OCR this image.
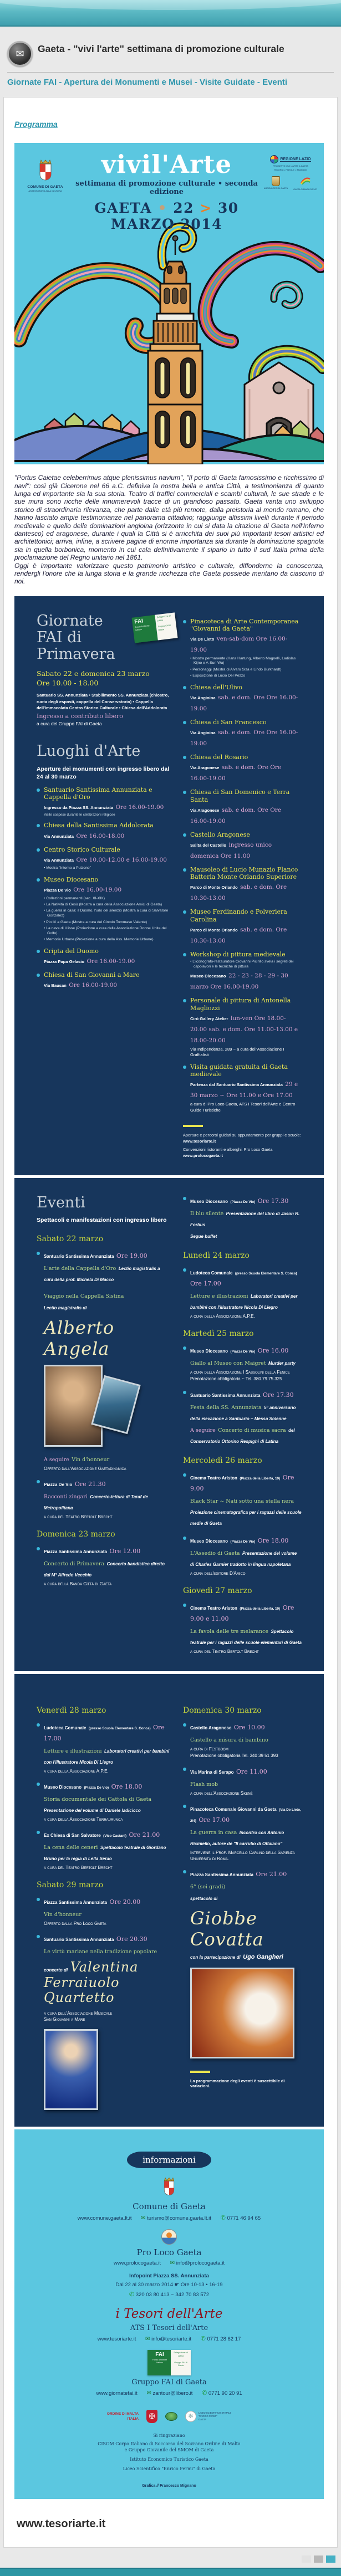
✉ Gaeta - "vivi l'arte" settimana di promozione culturale
Giornate FAI - Apertura dei Monumenti e Musei - Visite Guidate - Eventi
Programma
COMUNE DI GAETA
ASSESSORATO ALLA CULTURA
vivil'Arte
settimana di promozione culturale • seconda edizione
GAETA • 22 > 30 MARZO 2014
REGIONE LAZIO
PROGETTO VIVI L'ARTE A GAETA
RICORDI • PAROLE • IMMAGINI
ARCIDIOCESI DI GAETA	GAETA GRANDI EVENTI

"Portus Caietae celeberrimus atque plenissimus navium", "Il porto di Gaeta famosissimo e ricchissimo di navi": così già Cicerone nel 66 a.C. definiva la nostra bella e antica Città, a testimonianza di quanto lunga ed importante sia la sua storia. Teatro di traffici commerciali e scambi culturali, le sue strade e le sue mura sono ricche delle innumerevoli tracce di un grandioso passato. Gaeta vanta uno sviluppo storico di straordinaria rilevanza, che parte dalle età più remote, dalla preistoria al mondo romano, che hanno lasciato ampie testimonianze nel panorama cittadino; raggiunge altissimi livelli durante il periodo medievale e quello delle dominazioni angioina (orizzonte in cui si data la citazione di Gaeta nell'Inferno dantesco) ed aragonese, durante i quali la Città si è arricchita dei suoi più importanti tesori artistici ed architettonici; arriva, infine, a scrivere pagine di enorme importanza sia durante la dominazione spagnola sia in quella borbonica, momento in cui cala definitivamente il sipario in tutto il sud Italia prima della proclamazione del Regno unitario nel 1861.

Oggi è importante valorizzare questo patrimonio artistico e culturale, diffonderne la conoscenza, rendergli l'onore che la lunga storia e la grande ricchezza che Gaeta possiede meritano da ciascuno di noi.

Giornate FAI di Primavera
FAI
Fondo Ambiente Italiano
Delegazione di Latina
Gruppo FAI di Gaeta
Sabato 22 e domenica 23 marzo
Ore 10.00 - 18.00
Santuario SS. Annunziata • Stabilimento SS. Annunziata (chiostro, ruota degli esposti, cappella del Conservatorio) • Cappella dell'Immacolata Centro Storico Culturale • Chiesa dell'Addolorata
Ingresso a contributo libero
a cura del Gruppo FAI di Gaeta
Luoghi d'Arte
Aperture dei monumenti con ingresso libero dal 24 al 30 marzo
Santuario Santissima Annunziata e Cappella d'Oro
Ingresso da Piazza SS. Annunziata Ore 16.00-19.00
Visite sospese durante le celebrazioni religiose
Chiesa della Santissima Addolorata
Via Annunziata Ore 16.00-18.00
Centro Storico Culturale
Via Annunziata Ore 10.00-12.00 e 16.00-19.00
• Mostra "Intorno a Pulzone"
Museo Diocesano
Piazza De Vio Ore 16.00-19.00
• Collezioni permanenti (sec. XI-XIX)
• La Natività di Gesù (Mostra a cura della Associazione Amici di Gaeta)
• La guerra in casa: il Duomo, l'urlo del silenzio (Mostra a cura di Salvatore Gonzalez)
• Pio IX a Gaeta (Mostra a cura del Circolo Tommaso Valente)
• La nave di Ulisse (Proiezione a cura della Associazione Donne Unite del Golfo)
• Memorie Urbane (Proiezione a cura della Ass. Memorie Urbane)
Cripta del Duomo
Piazza Papa Gelasio Ore 16.00-19.00
Chiesa di San Giovanni a Mare
Via Bausan Ore 16.00-19.00
Pinacoteca di Arte Contemporanea "Giovanni da Gaeta"
Via De Lieto ven-sab-dom Ore 16.00-19.00
• Mostra permanente (Hans Hartung, Alberto Magnelli, Ladislas Kijno e A-Sun Wu)
• Personaggi (Mostra di Alvaro Siza e Lindo Burkhardt)
• Esposizione di Lucio Del Pezzo
Chiesa dell'Ulivo
Via Angioina sab. e dom. Ore Ore 16.00-19.00
Chiesa di San Francesco
Via Angioina sab. e dom. Ore Ore 16.00-19.00
Chiesa del Rosario
Via Aragonese sab. e dom. Ore Ore 16.00-19.00
Chiesa di San Domenico e Terra Santa
Via Aragonese sab. e dom. Ore Ore 16.00-19.00
Castello Aragonese
Salita del Castello ingresso unico domenica Ore 11.00
Mausoleo di Lucio Munazio Planco Batteria Monte Orlando Superiore
Parco di Monte Orlando sab. e dom. Ore 10.30-13.00
Museo Ferdinando e Polveriera Carolina
Parco di Monte Orlando sab. e dom. Ore 10.30-13.00
Workshop di pittura medievale
• L'iconografo-restauratore Giovanni Picirillo svela i segreti dei capolavori e le tecniche di pittura
Museo Diocesano 22 - 23 - 28 - 29 - 30 marzo Ore 16.00-19.00
Personale di pittura di Antonella Magliozzi
Cirò Gallery Atelier lun-ven Ore 18.00-20.00 sab. e dom. Ore 11.00-13.00 e 18.00-20.00
Via Indipendenza, 289 ~ a cura dell'Associazione I Graffialisti
Visita guidata gratuita di Gaeta medievale
Partenza dal Santuario Santissima Annunziata 29 e 30 marzo ~ Ore 11.00 e Ore 17.00
a cura di Pro Loco Gaeta, ATS I Tesori dell'Arte e Centro Guide Turistiche
Aperture e percorsi guidati su appuntamento per gruppi e scuole:
www.tesoriarte.it
Convenzioni ristoranti e alberghi: Pro Loco Gaeta
www.prolocogaeta.it
Eventi
Spettacoli e manifestazioni con ingresso libero
Sabato 22 marzo
Santuario Santissima Annunziata Ore 19.00
L'arte della Cappella d'Oro Lectio magistralis a cura della prof. Michela Di Macco
Viaggio nella Cappella Sistina
Lectio magistralis di
Alberto Angela
A seguire Vin d'honneur
Offerto dall'Associazione Gaetadinamica
Piazza De Vio Ore 21.30
Racconti zingari Concerto-lettura di Taraf de Metropolitana
a cura del Teatro Bertolt Brecht
Domenica 23 marzo
Piazza Santissima Annunziata Ore 12.00
Concerto di Primavera Concerto bandistico diretto dal M° Alfredo Vecchio
a cura della Banda Città di Gaeta
Museo Diocesano (Piazza De Vio) Ore 17.30
Il blu silente Presentazione del libro di Jason R. Forbus
Segue buffet
Lunedì 24 marzo
Ludoteca Comunale (presso Scuola Elementare S. Conca) Ore 17.00
Letture e illustrazioni Laboratori creativi per bambini con l'illustratore Nicola Di Liegro
a cura della Associazione A.P.E.
Martedì 25 marzo
Museo Diocesano (Piazza De Vio) Ore 16.00
Giallo al Museo con Maigret Murder party
a cura della Associazione I Sassolini della Fenice
Prenotazione obbligatoria ~ Tel. 380.79.75.325
Santuario Santissima Annunziata Ore 17.30
Festa della SS. Annunziata 5° anniversario della elevazione a Santuario ~ Messa Solenne
A seguire Concerto di musica sacra del Conservatorio Ottorino Respighi di Latina
Mercoledì 26 marzo
Cinema Teatro Ariston (Piazza della Libertà, 19) Ore 9.00
Black Star ~ Nati sotto una stella nera Proiezione cinematografica per i ragazzi delle scuole medie di Gaeta
Museo Diocesano (Piazza De Vio) Ore 18.00
L'Assedio di Gaeta Presentazione del volume di Charles Garnier tradotto in lingua napoletana
a cura dell'editore D'Amico
Giovedì 27 marzo
Cinema Teatro Ariston (Piazza della Libertà, 19) Ore 9.00 e 11.00
La favola delle tre melarance Spettacolo teatrale per i ragazzi delle scuole elementari di Gaeta
a cura del Teatro Bertolt Brecht
Venerdì 28 marzo
Ludoteca Comunale (presso Scuola Elementare S. Conca) Ore 17.00
Letture e illustrazioni Laboratori creativi per bambini con l'illustratore Nicola Di Liegro
a cura della Associazione A.P.E.
Museo Diocesano (Piazza De Vio) Ore 18.00
Storia documentale dei Gattola di Gaeta Presentazione del volume di Daniele Iadicicco
a cura della Associazione Terraurunca
Ex Chiesa di San Salvatore (Vico Castani) Ore 21.00
La cena delle ceneri Spettacolo teatrale di Giordano Bruno per la regia di Lella Serao
a cura del Teatro Bertolt Brecht
Sabato 29 marzo
Piazza Santissima Annunziata Ore 20.00
Vin d'honneur
Offerto dalla Pro Loco Gaeta
Santuario Santissima Annunziata Ore 20.30
Le virtù mariane nella tradizione popolare
concerto di Valentina Ferraiuolo
Quartetto
a cura dell'Associazione Musicale
San Giovanni a Mare
Domenica 30 marzo
Castello Aragonese Ore 10.00
Castello a misura di bambino
a cura di Festboom
Prenotazione obbligatoria Tel. 340 39 51 393
Via Marina di Serapo Ore 11.00
Flash mob
a cura dell'Associazione Skené
Pinacoteca Comunale Giovanni da Gaeta (Via De Lieto, 2/4) Ore 17.00
La guerra in casa Incontro con Antonio Riciniello, autore de "Il carrubo di Ottaiano"
Interviene il Prof. Marcello Carlino della Sapienza Università di Roma.
Piazza Santissima Annunziata Ore 21.00
6° (sei gradi)
spettacolo di
Giobbe Covatta
con la partecipazione di Ugo Gangheri
La programmazione degli eventi è suscettibile di variazioni.
informazioni
Comune di Gaeta
www.comune.gaeta.lt.it ✉ turismo@comune.gaeta.lt.it ✆ 0771 46 94 65
Pro Loco Gaeta
www.prolocogaeta.it ✉ info@prolocogaeta.it
Infopoint Piazza SS. Annunziata
Dal 22 al 30 marzo 2014 ☛ Ore 10-13 • 16-19
✆ 320 03 80 413 ~ 342 70 83 572
i Tesori dell'Arte
ATS I Tesori dell'Arte
www.tesoriarte.it ✉ info@tesoriarte.it ✆ 0771 28 62 17
FAI
Fondo Ambiente Italiano
Delegazione di Latina
Gruppo FAI di Gaeta
Gruppo FAI di Gaeta
www.giornatefai.it ✉ zantour@libero.it ✆ 0771 90 20 91
ORDINE DI MALTA
ITALIA	✠	✻
LICEO SCIENTIFICO STATALE
"ENRICO FERMI"
GAETA
Si ringraziano
CISOM Corpo Italiano di Soccorso del Sovrano Ordine di Malta
e Gruppo Giovanile del SMOM di Gaeta
Istituto Economico Turistico Gaeta
Liceo Scientifico "Enrico Fermi" di Gaeta
Grafica // Francesco Mignano
www.tesoriarte.it
